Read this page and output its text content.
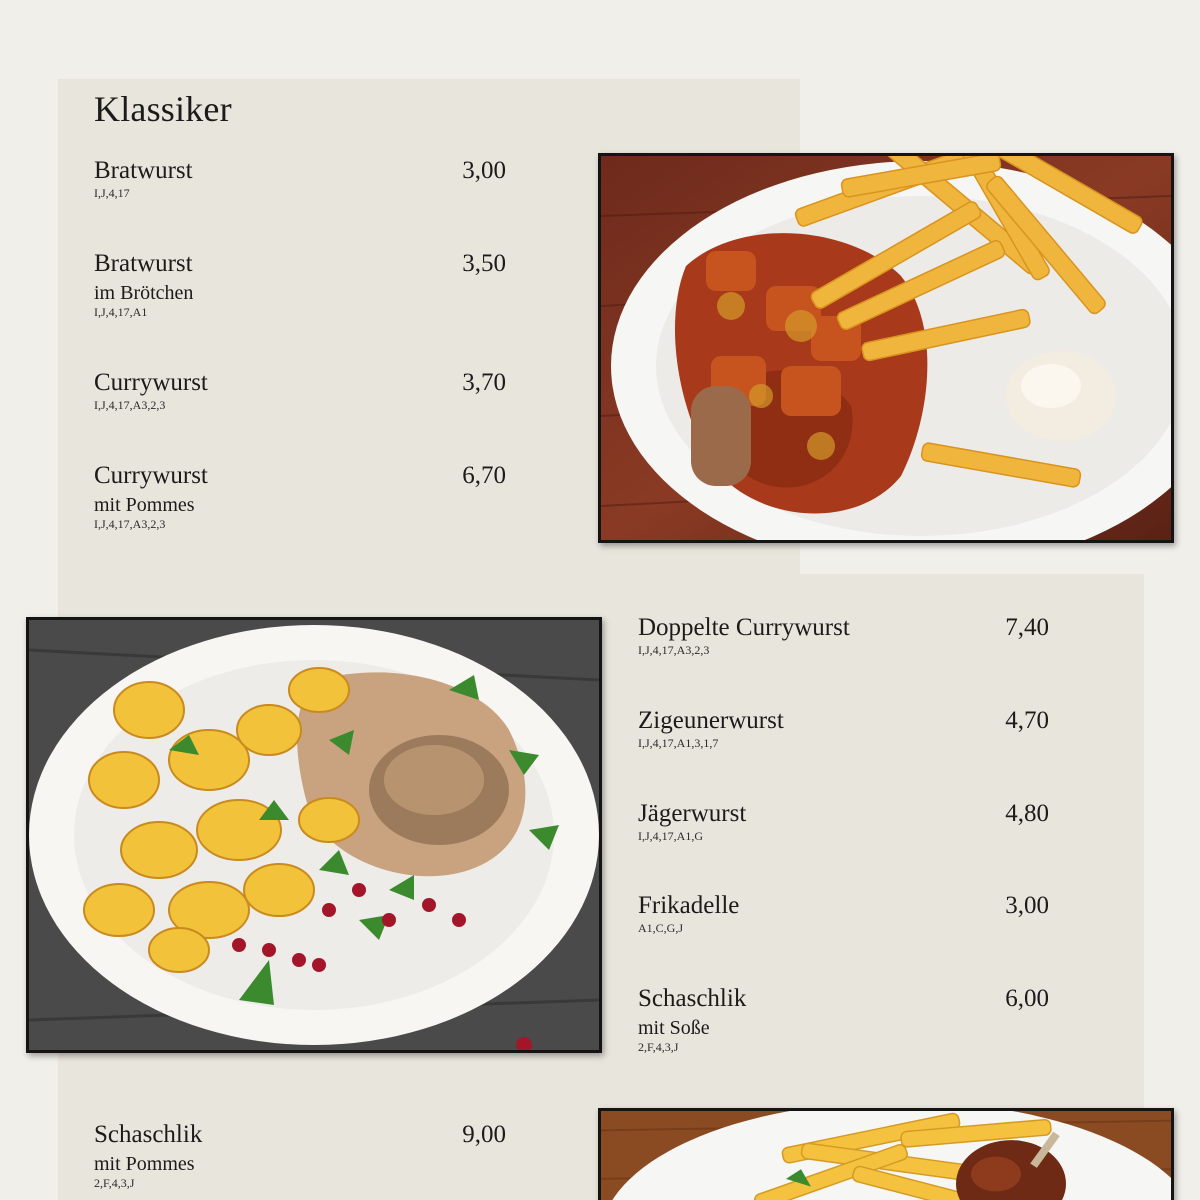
Klassiker
Bratwurst
I,J,4,17
3,00
Bratwurst
im Brötchen
I,J,4,17,A1
3,50
Currywurst
I,J,4,17,A3,2,3
3,70
Currywurst
mit Pommes
I,J,4,17,A3,2,3
6,70
Schaschlik
mit Pommes
2,F,4,3,J
9,00
Doppelte Currywurst
I,J,4,17,A3,2,3
7,40
Zigeunerwurst
I,J,4,17,A1,3,1,7
4,70
Jägerwurst
I,J,4,17,A1,G
4,80
Frikadelle
A1,C,G,J
3,00
Schaschlik
mit Soße
2,F,4,3,J
6,00
